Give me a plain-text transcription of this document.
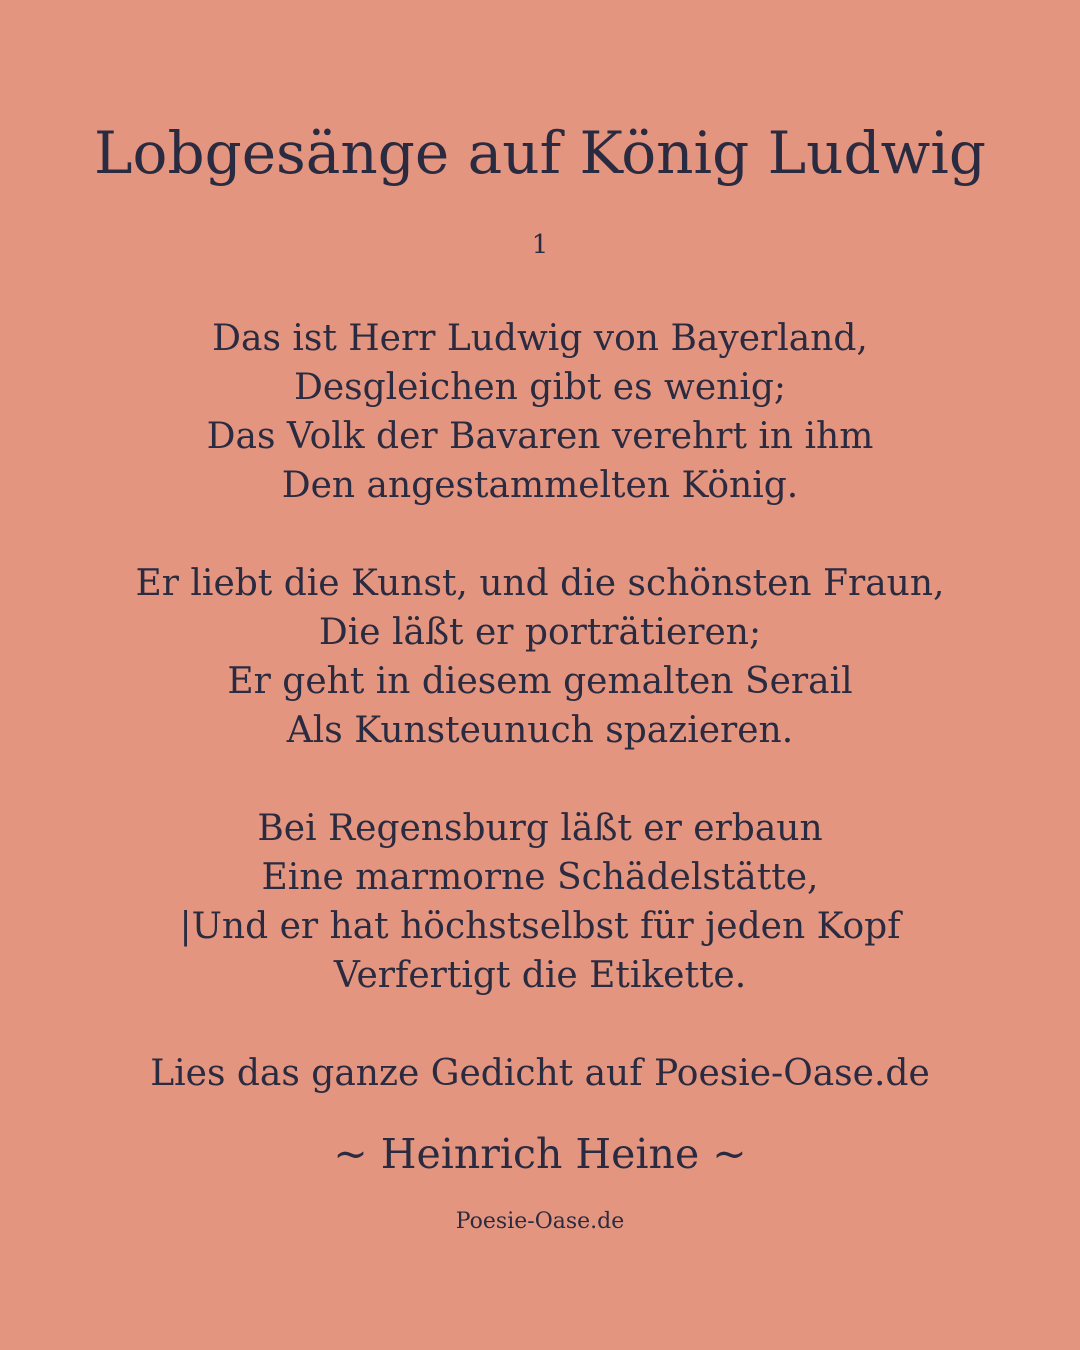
Lobgesänge auf König Ludwig
1
Das ist Herr Ludwig von Bayerland,
Desgleichen gibt es wenig;
Das Volk der Bavaren verehrt in ihm
Den angestammelten König.
Er liebt die Kunst, und die schönsten Fraun,
Die läßt er porträtieren;
Er geht in diesem gemalten Serail
Als Kunsteunuch spazieren.
Bei Regensburg läßt er erbaun
Eine marmorne Schädelstätte,
|Und er hat höchstselbst für jeden Kopf
Verfertigt die Etikette.
Lies das ganze Gedicht auf Poesie-Oase.de
~ Heinrich Heine ~
Poesie-Oase.de
